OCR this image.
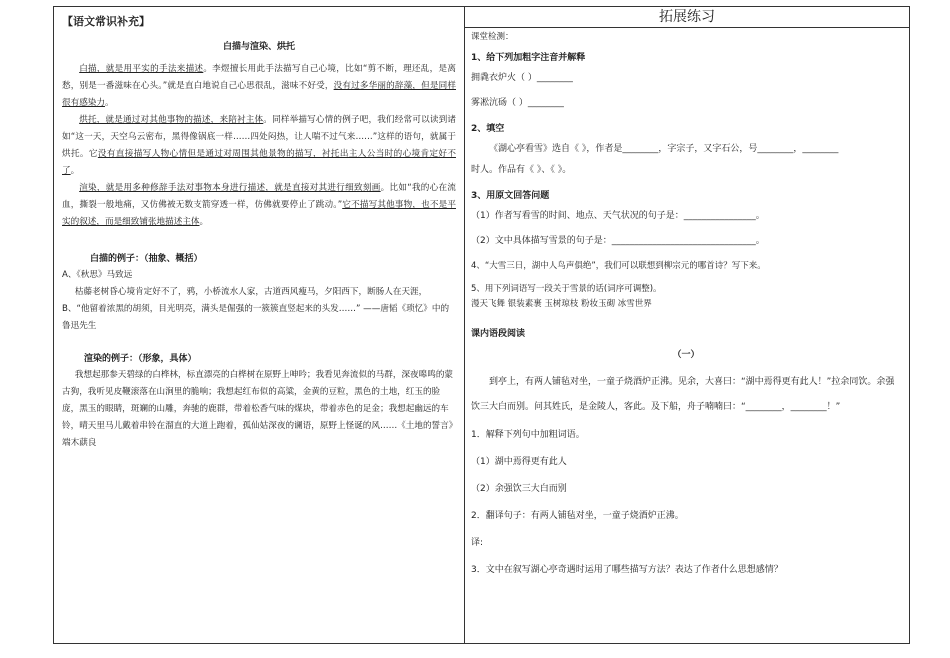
【语文常识补充】

白描与渲染、烘托

白描，就是用平实的手法来描述。李煜擅长用此手法描写自己心境，比如“剪不断，理还乱，是离愁，别是一番滋味在心头。”就是直白地说自己心思很乱，滋味不好受，没有过多华丽的辞藻，但是同样很有感染力。

烘托，就是通过对其他事物的描述，来陪衬主体。同样举描写心情的例子吧，我们经常可以读到诸如“这一天，天空乌云密布，黑得像锅底一样……四处闷热，让人喘不过气来……”这样的语句，就属于烘托。它没有直接描写人物心情但是通过对周围其他景物的描写，衬托出主人公当时的心境肯定好不了。

渲染，就是用多种修辞手法对事物本身进行描述，就是直接对其进行细致刻画。比如“我的心在流血，撕裂一般地痛，又仿佛被无数支箭穿透一样，仿佛就要停止了跳动。”它不描写其他事物，也不是平实的叙述，而是细致铺张地描述主体。

白描的例子：（抽象、概括）

A、《秋思》马致远

枯藤老树昏心境肯定好不了，鸦，小桥流水人家，古道西风瘦马，夕阳西下，断肠人在天涯，

B、“他留着浓黑的胡须，目光明亮，满头是倔强的一簇簇直竖起来的头发……” ——唐韬《琐忆》中的鲁迅先生

渲染的例子：（形象，具体）

我想起那参天碧绿的白桦林，标直漂亮的白桦树在原野上呻吟；我看见奔流似的马群，深夜嗥鸣的蒙古狗，我听见皮鞭滚落在山涧里的脆响；我想起红布似的高粱，金黄的豆粒，黑色的土地，红玉的脸庞，黑玉的眼睛，斑斓的山雕，奔驰的鹿群，带着松香气味的煤块，带着赤色的足金；我想起幽远的车铃，晴天里马儿戴着串铃在溜直的大道上跑着，孤仙姑深夜的谰语，原野上怪诞的风……《土地的誓言》端木蕻良

拓展练习

课堂检测：

1、给下列加粗字注音并解释

拥毳衣炉火（ ）________

雾凇沆砀（ ）________

2、填空

《湖心亭看雪》选自《 》，作者是________，字宗子，又字石公，号________，________

时人。作品有《 》、《 》。

3、用原文回答问题

（1）作者写看雪的时间、地点、天气状况的句子是：________________。

（2）文中具体描写雪景的句子是：________________________________。

4、“大雪三日，湖中人鸟声俱绝”，我们可以联想到柳宗元的哪首诗？写下来。

5、用下列词语写一段关于雪景的话(词序可调整)。

漫天飞舞 银装素裹 玉树琼枝 粉妆玉砌 冰雪世界

课内语段阅读

（一）

到亭上，有两人铺毡对坐，一童子烧酒炉正沸。见余，大喜曰：“湖中焉得更有此人！”拉余同饮。余强饮三大白而别。问其姓氏，是金陵人，客此。及下船，舟子喃喃曰：“________，________！”

1．解释下列句中加粗词语。

（1）湖中焉得更有此人

（2）余强饮三大白而别

2．翻译句子：有两人铺毡对坐，一童子烧酒炉正沸。

译:

3．文中在叙写湖心亭奇遇时运用了哪些描写方法？表达了作者什么思想感情？
